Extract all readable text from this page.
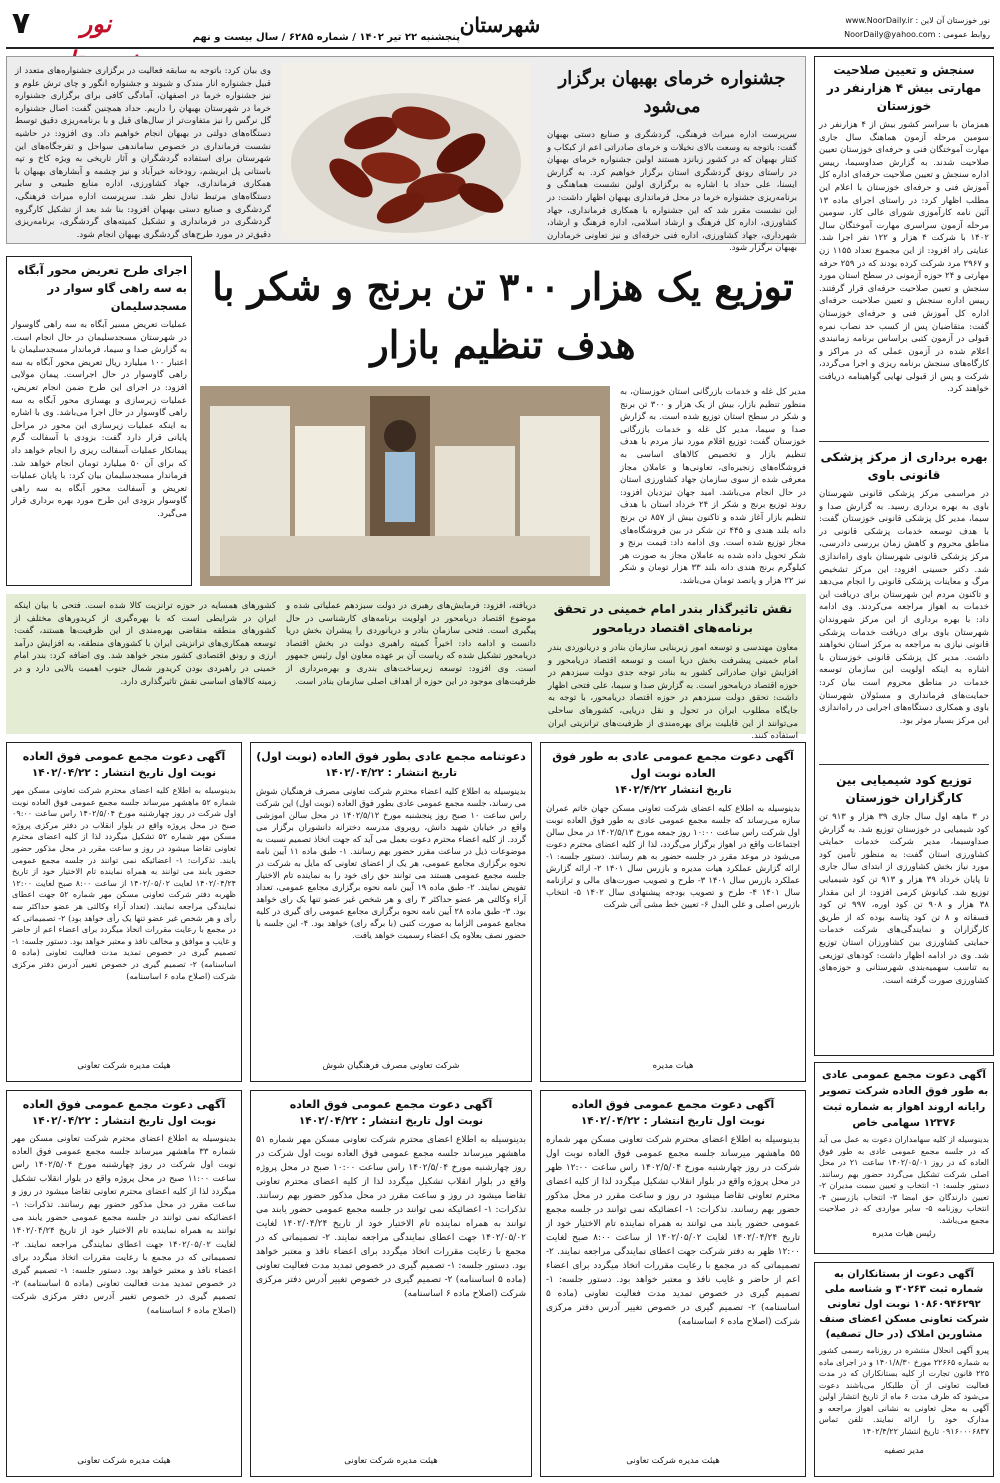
۷	نور	پنجشنبه ۲۲ تیر ۱۴۰۲ / شماره ۶۲۸۵ / سال بیست و نهم
شهرستان	نور خوزستان آن لاین : www.NoorDaily.ir
روابط عمومی : NoorDaily@yahoo.com
سنجش و تعیین صلاحیت مهارتی بیش ۴ هزارنفر در خوزستان
همزمان با سراسر کشور بیش از ۴ هزارنفر در سومین مرحله آزمون هماهنگ سال جاری مهارت آموختگان فنی و حرفه‌ای خوزستان تعیین صلاحیت شدند. به گزارش صداوسیما، رییس اداره سنجش و تعیین صلاحیت حرفه‌ای اداره کل آموزش فنی و حرفه‌ای خوزستان با اعلام این مطلب اظهار کرد: در راستای اجرای ماده ۱۳ آئین نامه کارآموزی شورای عالی کار، سومین مرحله آزمون سراسری مهارت آموختگان سال ۱۴۰۲ با شرکت ۴ هزار و ۱۲۲ نفر اجرا شد. عنایتی راد افزود: از این مجموع تعداد ۱۱۵۵ زن و ۲۹۶۷ مرد شرکت کرده بودند که در ۲۵۹ حرفه مهارتی و ۲۴ حوزه آزمونی در سطح استان مورد سنجش و تعیین صلاحیت حرفه‌ای قرار گرفتند. رییس اداره سنجش و تعیین صلاحیت حرفه‌ای اداره کل آموزش فنی و حرفه‌ای خوزستان گفت: متقاضیان پس از کسب حد نصاب نمره قبولی در آزمون کتبی براساس برنامه زمانبندی اعلام شده در آزمون عملی که در مراکز و کارگاه‌های سنجش برنامه ریزی و اجرا می‌گردد، شرکت و پس از قبولی نهایی گواهینامه دریافت خواهند کرد.
بهره برداری از مرکز پزشکی قانونی باوی
در مراسمی مرکز پزشکی قانونی شهرستان باوی به بهره برداری رسید. به گزارش صدا و سیما، مدیر کل پزشکی قانونی خوزستان گفت: با هدف توسعه خدمات پزشکی قانونی در مناطق محروم و کاهش زمان بررسی دادرسی، مرکز پزشکی قانونی شهرستان باوی راه‌اندازی شد. دکتر حسینی افزود: این مرکز تشخیص مرگ و معاینات پزشکی قانونی را انجام می‌دهد و تاکنون مردم این شهرستان برای دریافت این خدمات به اهواز مراجعه می‌کردند. وی ادامه داد: با بهره برداری از این مرکز شهروندان شهرستان باوی برای دریافت خدمات پزشکی قانونی نیازی به مراجعه به مرکز استان نخواهند داشت. مدیر کل پزشکی قانونی خوزستان با اشاره به اینکه اولویت این سازمان توسعه خدمات در مناطق محروم است بیان کرد: حمایت‌های فرمانداری و مسئولان شهرستان باوی و همکاری دستگاه‌های اجرایی در راه‌اندازی این مرکز بسیار موثر بود.
توزیع کود شیمیایی بین کارگزاران خوزستان
در ۳ ماهه اول سال جاری ۳۹ هزار و ۹۱۳ تن کود شیمیایی در خوزستان توزیع شد. به گزارش صداوسیما، مدیر شرکت خدمات حمایتی کشاورزی استان گفت: به منظور تأمین کود مورد نیاز بخش کشاورزی از ابتدای سال جاری تا پایان خرداد ۳۹ هزار و ۹۱۳ تن کود شیمیایی توزیع شد. کیانوش کرمی افزود: از این مقدار ۳۸ هزار و ۹۰۸ تن کود اوره، ۹۹۷ تن کود فسفاته و ۸ تن کود پتاسه بوده که از طریق کارگزاران و نمایندگی‌های شرکت خدمات حمایتی کشاورزی بین کشاورزان استان توزیع شد. وی در ادامه اظهار داشت: کودهای توزیعی به تناسب سهمیه‌بندی شهرستانی و حوزه‌های کشاورزی صورت گرفته است.
جشنواره خرمای بهبهان برگزار می‌شود
سرپرست اداره میراث فرهنگی، گردشگری و صنایع دستی بهبهان گفت: باتوجه به وسعت بالای نخیلات و خرمای صادراتی اعم از کبکاب و کنتار بهبهان که در کشور زبانزد هستند اولین جشنواره خرمای بهبهان در راستای رونق گردشگری استان برگزار خواهیم کرد. به گزارش ایسنا، علی حداد با اشاره به برگزاری اولین نشست هماهنگی و برنامه‌ریزی جشنواره خرما در محل فرمانداری بهبهان اظهار داشت: در این نشست مقرر شد که این جشنواره با همکاری فرمانداری، جهاد کشاورزی، اداره کل فرهنگ و ارشاد اسلامی، اداره فرهنگ و ارشاد، شهرداری، جهاد کشاورزی، اداره فنی حرفه‌ای و نیز تعاونی خرمادارن بهبهان برگزار شود.
وی بیان کرد: باتوجه به سابقه فعالیت در برگزاری جشنواره‌های متعدد از قبیل جشنواره انار مندک و شیوند و جشنواره انگور و چای ترش علوم و نیز جشنواره خرما در اصفهان، آمادگی کافی برای برگزاری جشنواره خرما در شهرستان بهبهان را داریم. حداد همچنین گفت: اصال جشنواره گل نرگس را نیز متفاوت‌تر از سال‌های قبل و با برنامه‌ریزی دقیق توسط دستگاه‌های دولتی در بهبهان انجام خواهیم داد. وی افزود: در حاشیه نشست فرمانداری در خصوص ساماندهی سواحل و تفرجگاه‌های این شهرستان برای استفاده گردشگران و آثار تاریخی به ویژه کاخ و تپه باستانی پل ابریشم، رودخانه خیرآباد و نیز چشمه و آبشارهای بهبهان با همکاری فرمانداری، جهاد کشاورزی، اداره منابع طبیعی و سایر دستگاه‌های مرتبط تبادل نظر شد. سرپرست اداره میراث فرهنگی، گردشگری و صنایع دستی بهبهان افزود: بنا شد بعد از تشکیل کارگروه گردشگری در فرمانداری و تشکیل کمیته‌های گردشگری، برنامه‌ریزی دقیق‌تر در مورد طرح‌های گردشگری بهبهان انجام شود.
توزیع یک هزار ۳۰۰ تن برنج و شکر با هدف تنظیم بازار
اجرای طرح تعریض محور آبگاه به سه راهی گاو سوار در مسجدسلیمان
عملیات تعریض مسیر آبگاه به سه راهی گاوسوار در شهرستان مسجدسلیمان در حال انجام است. به گزارش صدا و سیما، فرماندار مسجدسلیمان با اعتبار ۱۰۰ میلیارد ریال تعریض محور آبگاه به سه راهی گاوسوار در حال اجراست. پیمان مولایی افزود: در اجرای این طرح ضمن انجام تعریض، عملیات زیرسازی و بهسازی محور آبگاه به سه راهی گاوسوار در حال اجرا می‌باشد. وی با اشاره به اینکه عملیات زیرسازی این محور در مراحل پایانی قرار دارد گفت: بزودی با آسفالت گرم پیمانکار عملیات آسفالت ریزی را انجام خواهد داد که برای آن ۵۰ میلیارد تومان انجام خواهد شد. فرماندار مسجدسلیمان بیان کرد: با پایان عملیات تعریض و آسفالت محور آبگاه به سه راهی گاوسوار بزودی این طرح مورد بهره برداری قرار می‌گیرد.
مدیر کل غله و خدمات بازرگانی استان خوزستان، به منظور تنظیم بازار، بیش از یک هزار و ۳۰۰ تن برنج و شکر در سطح استان توزیع شده است. به گزارش صدا و سیما، مدیر کل غله و خدمات بازرگانی خوزستان گفت: توزیع اقلام مورد نیاز مردم با هدف تنظیم بازار و تخصیص کالاهای اساسی به فروشگاه‌های زنجیره‌ای، تعاونی‌ها و عاملان مجاز معرفی شده از سوی سازمان جهاد کشاورزی استان در حال انجام می‌باشد. امید جهان تیزدیان افزود: روند توزیع برنج و شکر از ۲۴ خرداد استان با هدف تنظیم بازار آغاز شده و تاکنون بیش از ۸۵۷ تن برنج دانه بلند هندی و ۴۴۵ تن شکر در بین فروشگاه‌های مجاز توزیع شده است. وی ادامه داد: قیمت برنج و شکر تحویل داده شده به عاملان مجاز به صورت هر کیلوگرم برنج هندی دانه بلند ۳۳ هزار تومان و شکر نیز ۲۲ هزار و پانصد تومان می‌باشد.
نقش تاثیرگذار بندر امام خمینی در تحقق برنامه‌های اقتصاد دریامحور
معاون مهندسی و توسعه امور زیربنایی سازمان بنادر و دریانوردی بندر امام خمینی پیشرفت بخش دریا است و توسعه اقتصاد دریامحور و افزایش توان صادراتی کشور به بنادر توجه جدی دولت سیزدهم در حوزه اقتصاد دریامحور است. به گزارش صدا و سیما، علی فتحی اظهار داشت: تحقق دولت سیزدهم در حوزه اقتصاد دریامحور، با توجه به جایگاه مطلوب ایران در تحول و نقل دریایی، کشورهای ساحلی می‌توانند از این قابلیت برای بهره‌مندی از ظرفیت‌های ترانزیتی ایران استفاده کنند.
دریافته، افزود: فرمایش‌های رهبری در دولت سیزدهم عملیاتی شده و موضوع اقتصاد دریامحور در اولویت برنامه‌های کارشناسی در حال پیگیری است. فتحی سازمان بنادر و دریانوردی را پیشران بخش دریا دانست و ادامه داد: اخیراً کمیته راهبری دولت در بخش اقتصاد دریامحور تشکیل شده که ریاست آن بر عهده معاون اول رئیس جمهور است. وی افزود: توسعه زیرساخت‌های بندری و بهره‌برداری از ظرفیت‌های موجود در این حوزه از اهداف اصلی سازمان بنادر است.
کشورهای همسایه در حوزه ترانزیت کالا شده است. فتحی با بیان اینکه ایران در شرایطی است که با بهره‌گیری از کریدورهای مختلف از کشورهای منطقه متقاضی بهره‌مندی از این ظرفیت‌ها هستند، گفت: توسعه همکاری‌های ترانزیتی ایران با کشورهای منطقه، به افزایش درآمد ارزی و رونق اقتصادی کشور منجر خواهد شد. وی اضافه کرد: بندر امام خمینی در راهبردی بودن کریدور شمال جنوب اهمیت بالایی دارد و در زمینه کالاهای اساسی نقش تاثیرگذاری دارد.
آگهی دعوت مجمع عمومی عادی به طور فوق العاده نوبت اول
تاریخ انتشار ۱۴۰۲/۴/۲۲
بدینوسیله به اطلاع کلیه اعضای شرکت تعاونی مسکن جهان خاتم عمران سازه می‌رساند که جلسه مجمع عمومی عادی به طور فوق العاده نوبت اول شرکت راس ساعت ۱۰:۰۰ روز جمعه مورخ ۱۴۰۲/۵/۱۳ در محل سالن اجتماعات واقع در اهواز برگزار می‌گردد، لذا از کلیه اعضای محترم دعوت می‌شود در موعد مقرر در جلسه حضور به هم رسانند. دستور جلسه: ۱- ارائه گزارش عملکرد هیات مدیره و بازرس سال ۱۴۰۱ ۲- ارائه گزارش عملکرد بازرس سال ۱۴۰۱ ۳- طرح و تصویب صورت‌های مالی و ترازنامه سال ۱۴۰۱ ۴- طرح و تصویب بودجه پیشنهادی سال ۱۴۰۲ ۵- انتخاب بازرس اصلی و علی البدل ۶- تعیین خط مشی آتی شرکت
هیات مدیره
دعوتنامه مجمع عادی بطور فوق العاده (نوبت اول)
تاریخ انتشار : ۱۴۰۲/۰۴/۲۲
بدینوسیله به اطلاع کلیه اعضاء محترم شرکت تعاونی مصرف فرهنگیان شوش می رساند، جلسه مجمع عمومی عادی بطور فوق العاده (نوبت اول) این شرکت راس ساعت ۱۰ صبح روز پنجشنبه مورخ ۱۴۰۲/۵/۱۲ در محل سالن اموزشی واقع در خیابان شهید دانش، روبروی مدرسه دخترانه دانشوران برگزار می گردد. از کلیه اعضاء محترم دعوت بعمل می آید که جهت اتخاذ تصمیم نسبت به موضوعات ذیل در ساعت مقرر حضور بهم رسانند. ۱- طبق ماده ۱۱ آیین نامه نحوه برگزاری مجامع عمومی، هر یک از اعضای تعاونی که مایل به شرکت در جلسه مجمع عمومی هستند می توانند حق رای خود را به نماینده تام الاختیار تفویض نمایند. ۲- طبق ماده ۱۹ آیین نامه نحوه برگزاری مجامع عمومی، تعداد آراء وکالتی هر عضو حداکثر ۳ رای و هر شخص غیر عضو تنها یک رای خواهد بود. ۳- طبق ماده ۲۸ آیین نامه نحوه برگزاری مجامع عمومی رای گیری در کلیه مجامع عمومی الزاما به صورت کتبی (با برگه رای) خواهد بود. ۴- این جلسه با حضور نصف بعلاوه یک اعضاء رسمیت خواهد یافت.
شرکت تعاونی مصرف فرهنگیان شوش
آگهی دعوت مجمع عمومی فوق العاده
نوبت اول تاریخ انتشار : ۱۴۰۲/۰۴/۲۲
بدینوسیله به اطلاع کلیه اعضای محترم شرکت تعاونی مسکن مهر شماره ۵۲ ماهشهر میرساند جلسه مجمع عمومی فوق العاده نوبت اول شرکت در روز چهارشنبه مورخ ۱۴۰۲/۵/۰۴ راس ساعت ۰۹:۰۰ صبح در محل پروژه واقع در بلوار انقلاب در دفتر مرکزی پروژه مسکن مهر شماره ۵۲ تشکیل میگردد لذا از کلیه اعضای محترم تعاونی تقاضا میشود در روز و ساعت مقرر در محل مذکور حضور یابند. تذکرات: ۱- اعضائیکه نمی توانند در جلسه مجمع عمومی حضور یابند می توانند به همراه نماینده تام الاختیار خود از تاریخ ۱۴۰۲/۰۴/۲۴ لغایت ۱۴۰۲/۰۵/۰۲ از ساعت ۸:۰۰ صبح لغایت ۱۲:۰۰ ظهربه دفتر شرکت تعاونی مسکن مهر شماره ۵۲ جهت اعطای نمایندگی مراجعه نمایند. (تعداد آراء وکالتی هر عضو حداکثر سه رأی و هر شخص غیر عضو تنها یک رأی خواهد بود) ۲- تصمیماتی که در مجمع با رعایت مقررات اتخاذ میگردد برای اعضاء اعم از حاضر و غایب و موافق و مخالف نافذ و معتبر خواهد بود. دستور جلسه: ۱- تصمیم گیری در خصوص تمدید مدت فعالیت تعاونی (ماده ۵ اساسنامه) ۲- تصمیم گیری در خصوص تغییر آدرس دفتر مرکزی شرکت (اصلاح ماده ۶ اساسنامه)
هیئت مدیره شرکت تعاونی
آگهی دعوت مجمع عمومی فوق العاده
نوبت اول تاریخ انتشار : ۱۴۰۲/۰۴/۲۲
بدینوسیله به اطلاع اعضای محترم شرکت تعاونی مسکن مهر شماره ۵۵ ماهشهر میرساند جلسه مجمع عمومی فوق العاده نوبت اول شرکت در روز چهارشنبه مورخ ۱۴۰۲/۵/۰۴ راس ساعت ۱۲:۰۰ ظهر در محل پروژه واقع در بلوار انقلاب تشکیل میگردد لذا از کلیه اعضای محترم تعاونی تقاضا میشود در روز و ساعت مقرر در محل مذکور حضور بهم رسانند. تذکرات: ۱- اعضائیکه نمی توانند در جلسه مجمع عمومی حضور یابند می توانند به همراه نماینده تام الاختیار خود از تاریخ ۱۴۰۲/۰۴/۲۴ لغایت ۱۴۰۲/۰۵/۰۲ از ساعت ۸:۰۰ صبح لغایت ۱۲:۰۰ ظهر به دفتر شرکت جهت اعطای نمایندگی مراجعه نمایند. ۲- تصمیماتی که در مجمع با رعایت مقررات اتخاذ میگردد برای اعضاء اعم از حاضر و غایب نافذ و معتبر خواهد بود. دستور جلسه: ۱- تصمیم گیری در خصوص تمدید مدت فعالیت تعاونی (ماده ۵ اساسنامه) ۲- تصمیم گیری در خصوص تغییر آدرس دفتر مرکزی شرکت (اصلاح ماده ۶ اساسنامه)
هیئت مدیره شرکت تعاونی
آگهی دعوت مجمع عمومی فوق العاده
نوبت اول تاریخ انتشار : ۱۴۰۲/۰۴/۲۲
بدینوسیله به اطلاع اعضای محترم شرکت تعاونی مسکن مهر شماره ۵۱ ماهشهر میرساند جلسه مجمع عمومی فوق العاده نوبت اول شرکت در روز چهارشنبه مورخ ۱۴۰۲/۵/۰۴ راس ساعت ۱۰:۰۰ صبح در محل پروژه واقع در بلوار انقلاب تشکیل میگردد لذا از کلیه اعضای محترم تعاونی تقاضا میشود در روز و ساعت مقرر در محل مذکور حضور بهم رسانند. تذکرات: ۱- اعضائیکه نمی توانند در جلسه مجمع عمومی حضور یابند می توانند به همراه نماینده تام الاختیار خود از تاریخ ۱۴۰۲/۰۴/۲۴ لغایت ۱۴۰۲/۰۵/۰۲ جهت اعطای نمایندگی مراجعه نمایند. ۲- تصمیماتی که در مجمع با رعایت مقررات اتخاذ میگردد برای اعضاء نافذ و معتبر خواهد بود. دستور جلسه: ۱- تصمیم گیری در خصوص تمدید مدت فعالیت تعاونی (ماده ۵ اساسنامه) ۲- تصمیم گیری در خصوص تغییر آدرس دفتر مرکزی شرکت (اصلاح ماده ۶ اساسنامه)
هیئت مدیره شرکت تعاونی
آگهی دعوت مجمع عمومی فوق العاده
نوبت اول تاریخ انتشار : ۱۴۰۲/۰۴/۲۲
بدینوسیله به اطلاع اعضای محترم شرکت تعاونی مسکن مهر شماره ۳۳ ماهشهر میرساند جلسه مجمع عمومی فوق العاده نوبت اول شرکت در روز چهارشنبه مورخ ۱۴۰۲/۵/۰۴ راس ساعت ۱۱:۰۰ صبح در محل پروژه واقع در بلوار انقلاب تشکیل میگردد لذا از کلیه اعضای محترم تعاونی تقاضا میشود در روز و ساعت مقرر در محل مذکور حضور بهم رسانند. تذکرات: ۱- اعضائیکه نمی توانند در جلسه مجمع عمومی حضور یابند می توانند به همراه نماینده تام الاختیار خود از تاریخ ۱۴۰۲/۰۴/۲۴ لغایت ۱۴۰۲/۰۵/۰۲ جهت اعطای نمایندگی مراجعه نمایند. ۲- تصمیماتی که در مجمع با رعایت مقررات اتخاذ میگردد برای اعضاء نافذ و معتبر خواهد بود. دستور جلسه: ۱- تصمیم گیری در خصوص تمدید مدت فعالیت تعاونی (ماده ۵ اساسنامه) ۲- تصمیم گیری در خصوص تغییر آدرس دفتر مرکزی شرکت (اصلاح ماده ۶ اساسنامه)
هیئت مدیره شرکت تعاونی
آگهی دعوت مجمع عمومی عادی به طور فوق العاده شرکت تصویر رایانه اروند اهواز به شماره ثبت ۱۲۳۷۶ سهامی خاص
بدینوسیله از کلیه سهامداران دعوت به عمل می آید که در جلسه مجمع عمومی عادی به طور فوق العاده که در روز ۱۴۰۲/۰۵/۰۱ ساعت ۲۱ در محل اصلی شرکت تشکیل می‌گردد حضور بهم رسانند. دستور جلسه: ۱- انتخاب و تعیین سمت مدیران ۲- تعیین دارندگان حق امضا ۳- انتخاب بازرسین ۴- انتخاب روزنامه ۵- سایر مواردی که در صلاحیت مجمع می‌باشد.
رئیس هیات مدیره
آگهی دعوت از بستانکاران به شماره ثبت ۳۰۲۶۳ و شناسه ملی ۱۰۸۶۰۹۴۶۲۹۲ نوبت اول تعاونی شرکت تعاونی مسکن اعضای صنف مشاورین املاک (در حال تصفیه)
پیرو آگهی انحلال منتشره در روزنامه رسمی کشور به شماره ۲۲۶۶۵ مورخ ۱۴۰۱/۸/۳۰ و در اجرای ماده ۲۲۵ قانون تجارت از کلیه بستانکاران که در مدت فعالیت تعاونی از آن طلبکار می‌باشند دعوت می‌شود که ظرف مدت ۶ ماه از تاریخ انتشار اولین آگهی به محل تعاونی به نشانی اهواز مراجعه و مدارک خود را ارائه نمایند. تلفن تماس ۰۹۱۶۰۰۰۶۸۳۷ تاریخ انتشار ۱۴۰۲/۴/۲۲
مدیر تصفیه
